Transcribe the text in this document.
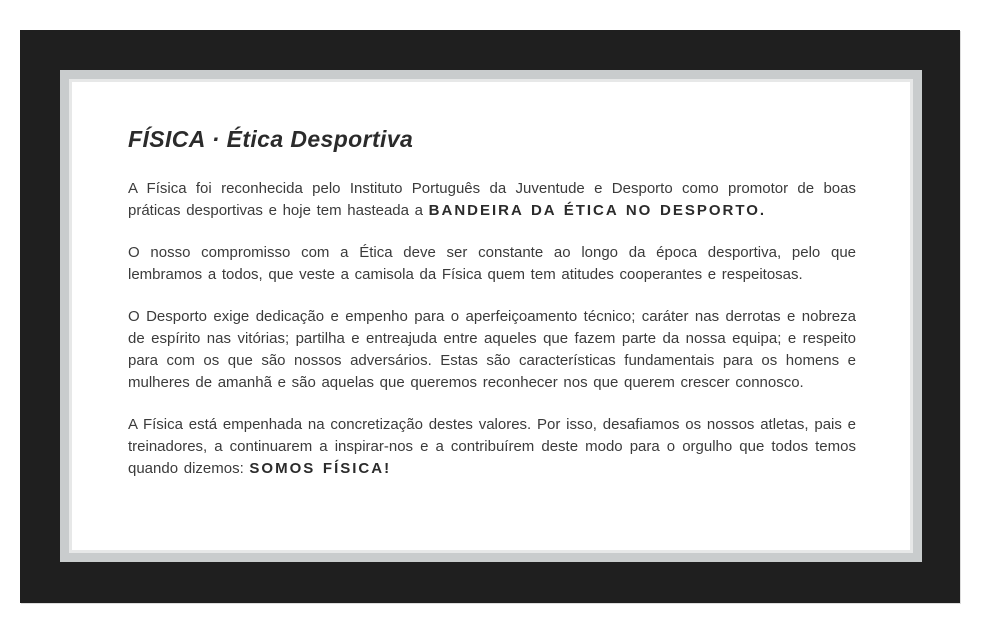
FÍSICA · Ética Desportiva

A Física foi reconhecida pelo Instituto Português da Juventude e Desporto como promotor de boas práticas desportivas e hoje tem hasteada a BANDEIRA DA ÉTICA NO DESPORTO.

O nosso compromisso com a Ética deve ser constante ao longo da época desportiva, pelo que lembramos a todos, que veste a camisola da Física quem tem atitudes cooperantes e respeitosas.

O Desporto exige dedicação e empenho para o aperfeiçoamento técnico; caráter nas derrotas e nobreza de espírito nas vitórias; partilha e entreajuda entre aqueles que fazem parte da nossa equipa; e respeito para com os que são nossos adversários. Estas são características fundamentais para os homens e mulheres de amanhã e são aquelas que queremos reconhecer nos que querem crescer connosco.

A Física está empenhada na concretização destes valores. Por isso, desafiamos os nossos atletas, pais e treinadores, a continuarem a inspirar-nos e a contribuírem deste modo para o orgulho que todos temos quando dizemos: SOMOS FÍSICA!
